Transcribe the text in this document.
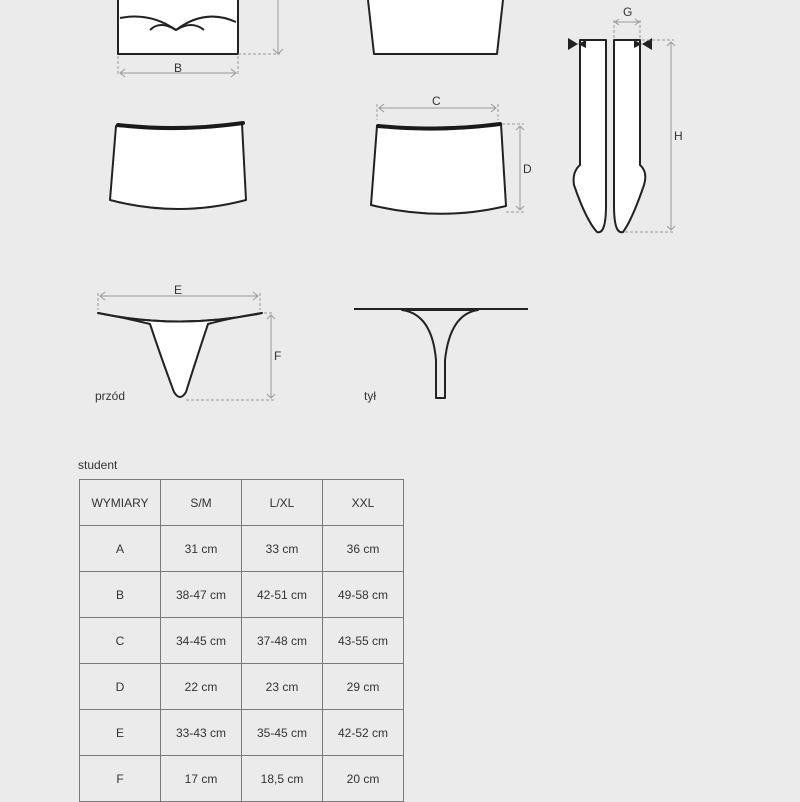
B
G
H
C
D
E
F
przód	tył
student
WYMIARY	S/M	L/XL	XXL
A	31 cm	33 cm	36 cm
B	38-47 cm	42-51 cm	49-58 cm
C	34-45 cm	37-48 cm	43-55 cm
D	22 cm	23 cm	29 cm
E	33-43 cm	35-45 cm	42-52 cm
F	17 cm	18,5 cm	20 cm
